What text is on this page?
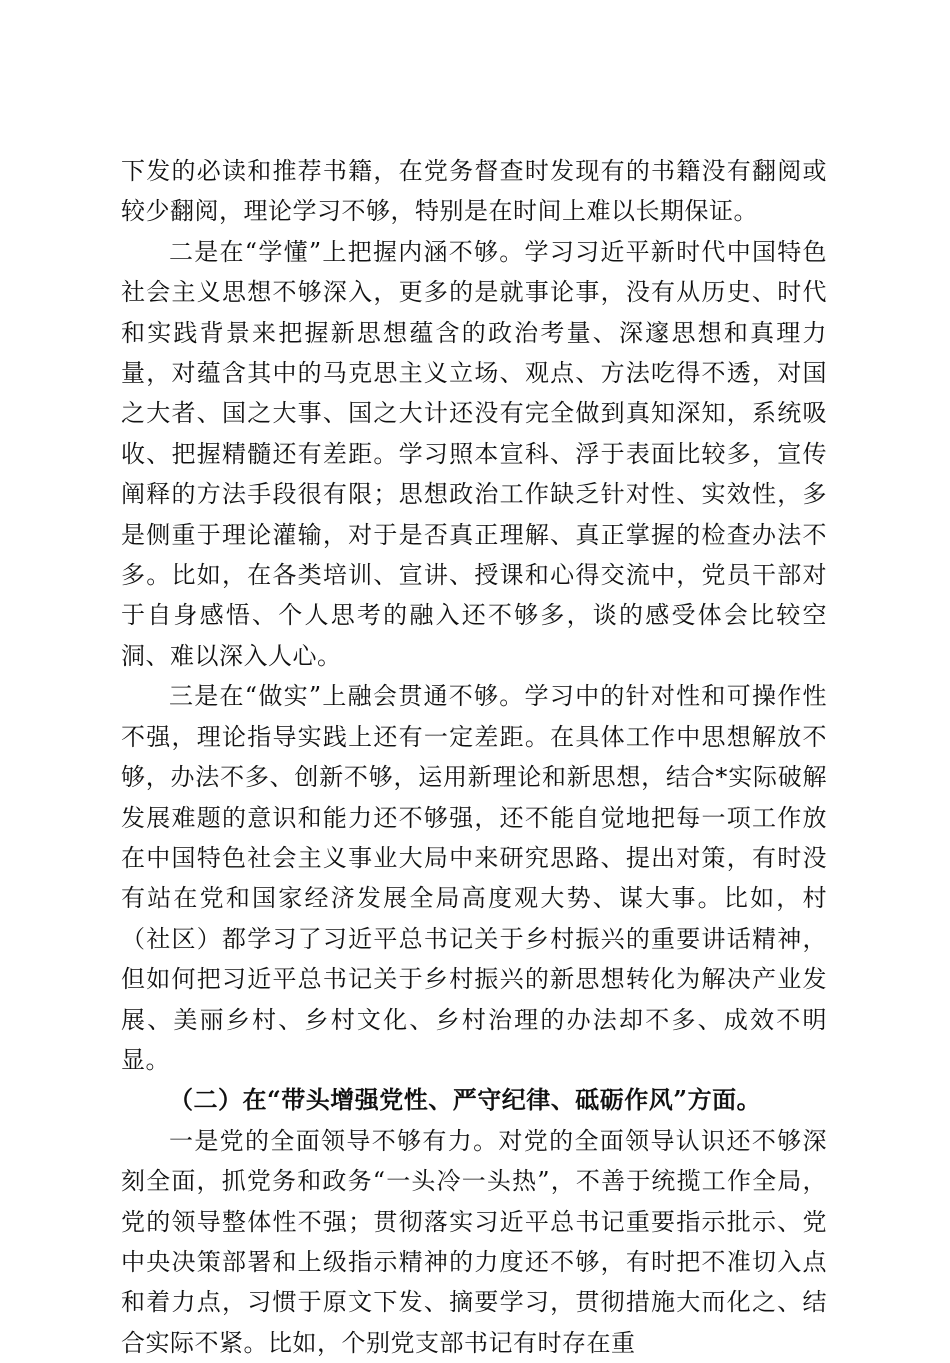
下发的必读和推荐书籍，在党务督查时发现有的书籍没有翻阅或较少翻阅，理论学习不够，特别是在时间上难以长期保证。

二是在“学懂”上把握内涵不够。学习习近平新时代中国特色社会主义思想不够深入，更多的是就事论事，没有从历史、时代和实践背景来把握新思想蕴含的政治考量、深邃思想和真理力量，对蕴含其中的马克思主义立场、观点、方法吃得不透，对国之大者、国之大事、国之大计还没有完全做到真知深知，系统吸收、把握精髓还有差距。学习照本宣科、浮于表面比较多，宣传阐释的方法手段很有限；思想政治工作缺乏针对性、实效性，多是侧重于理论灌输，对于是否真正理解、真正掌握的检查办法不多。比如，在各类培训、宣讲、授课和心得交流中，党员干部对于自身感悟、个人思考的融入还不够多，谈的感受体会比较空洞、难以深入人心。

三是在“做实”上融会贯通不够。学习中的针对性和可操作性不强，理论指导实践上还有一定差距。在具体工作中思想解放不够，办法不多、创新不够，运用新理论和新思想，结合*实际破解发展难题的意识和能力还不够强，还不能自觉地把每一项工作放在中国特色社会主义事业大局中来研究思路、提出对策，有时没有站在党和国家经济发展全局高度观大势、谋大事。比如，村（社区）都学习了习近平总书记关于乡村振兴的重要讲话精神，但如何把习近平总书记关于乡村振兴的新思想转化为解决产业发展、美丽乡村、乡村文化、乡村治理的办法却不多、成效不明显。

（二）在“带头增强党性、严守纪律、砥砺作风”方面。

一是党的全面领导不够有力。对党的全面领导认识还不够深刻全面，抓党务和政务“一头冷一头热”，不善于统揽工作全局，党的领导整体性不强；贯彻落实习近平总书记重要指示批示、党中央决策部署和上级指示精神的力度还不够，有时把不准切入点和着力点，习惯于原文下发、摘要学习，贯彻措施大而化之、结合实际不紧。比如，个别党支部书记有时存在重
